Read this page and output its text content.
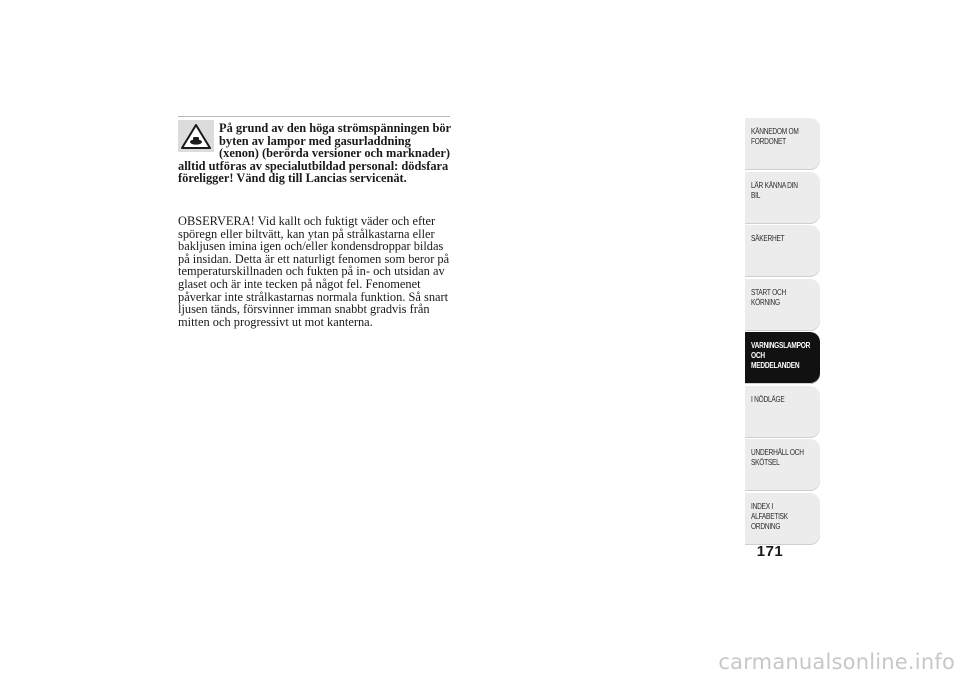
På grund av den höga strömspänningen bör byten av lampor med gasurladdning (xenon) (berörda versioner och marknader) alltid utföras av specialutbildad personal: dödsfara föreligger! Vänd dig till Lancias servicenät.

OBSERVERA! Vid kallt och fuktigt väder och efter spöregn eller biltvätt, kan ytan på strålkastarna eller bakljusen imina igen och/eller kondensdroppar bildas på insidan. Detta är ett naturligt fenomen som beror på temperaturskillnaden och fukten på in- och utsidan av glaset och är inte tecken på något fel. Fenomenet påverkar inte strålkastarnas normala funktion. Så snart ljusen tänds, försvinner imman snabbt gradvis från mitten och progressivt ut mot kanterna.

KÄNNEDOM OM
FORDONET
LÄR KÄNNA DIN
BIL
SÄKERHET
START OCH
KÖRNING
VARNINGSLAMPOR
OCH
MEDDELANDEN
I NÖDLÄGE
UNDERHÅLL OCH
SKÖTSEL
INDEX I
ALFABETISK
ORDNING
171
carmanualsonline.info
